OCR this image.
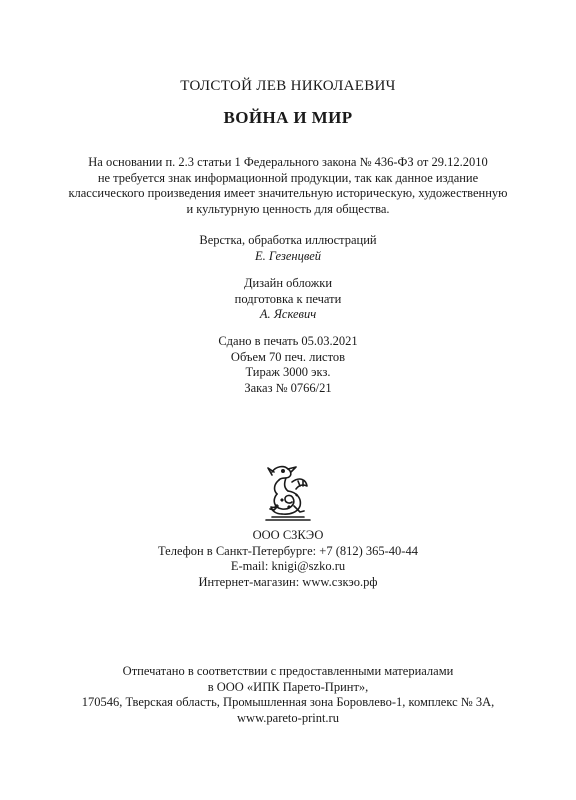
ТОЛСТОЙ ЛЕВ НИКОЛАЕВИЧ
ВОЙНА И МИР
На основании п. 2.3 статьи 1 Федерального закона № 436-ФЗ от 29.12.2010
не требуется знак информационной продукции, так как данное издание
классического произведения имеет значительную историческую, художественную
и культурную ценность для общества.
Верстка, обработка иллюстраций
Е. Гезенцвей
Дизайн обложки
подготовка к печати
А. Яскевич
Сдано в печать 05.03.2021
Объем 70 печ. листов
Тираж 3000 экз.
Заказ № 0766/21
ООО СЗКЭО
Телефон в Санкт-Петербурге: +7 (812) 365-40-44
E-mail: knigi@szko.ru
Интернет-магазин: www.сзкэо.рф
Отпечатано в соответствии с предоставленными материалами
в ООО «ИПК Парето-Принт»,
170546, Тверская область, Промышленная зона Боровлево-1, комплекс № 3А,
www.pareto-print.ru
